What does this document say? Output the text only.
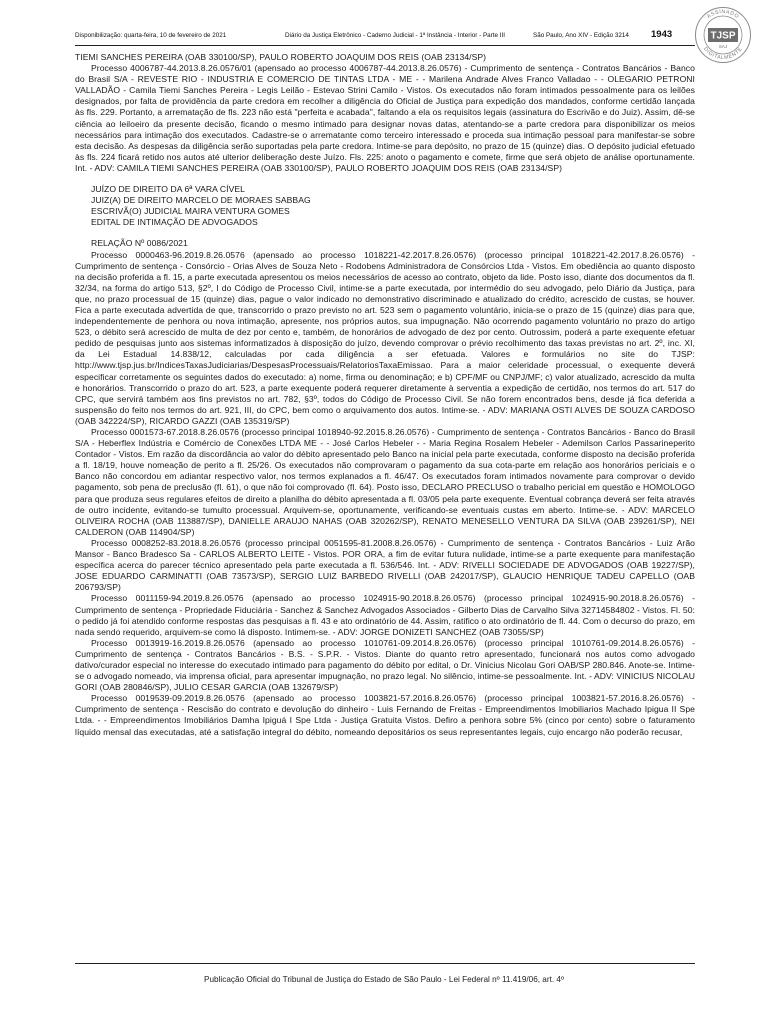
Disponibilização: quarta-feira, 10 de fevereiro de 2021	Diário da Justiça Eletrônico - Caderno Judicial - 1ª Instância - Interior - Parte III	São Paulo, Ano XIV - Edição 3214 1943	TJSP
SAJ
ASSINADO
DIGITALMENTE

TIEMI SANCHES PEREIRA (OAB 330100/SP), PAULO ROBERTO JOAQUIM DOS REIS (OAB 23134/SP)

Processo 4006787-44.2013.8.26.0576/01 (apensado ao processo 4006787-44.2013.8.26.0576) - Cumprimento de sentença - Contratos Bancários - Banco do Brasil S/A - REVESTE RIO - INDUSTRIA E COMERCIO DE TINTAS LTDA - ME - - Marilena Andrade Alves Franco Valladao - - OLEGARIO PETRONI VALLADÃO - Camila Tiemi Sanches Pereira - Legis Leilão - Estevao Strini Camilo - Vistos. Os executados não foram intimados pessoalmente para os leilões designados, por falta de providência da parte credora em recolher a diligência do Oficial de Justiça para expedição dos mandados, conforme certidão lançada às fls. 229. Portanto, a arrematação de fls. 223 não está "perfeita e acabada", faltando a ela os requisitos legais (assinatura do Escrivão e do Juiz). Assim, dê-se ciência ao leiloeiro da presente decisão, ficando o mesmo intimado para designar novas datas, atentando-se a parte credora para disponibilizar os meios necessários para intimação dos executados. Cadastre-se o arrematante como terceiro interessado e proceda sua intimação pessoal para manifestar-se sobre esta decisão. As despesas da diligência serão suportadas pela parte credora. Intime-se para depósito, no prazo de 15 (quinze) dias. O depósito judicial efetuado às fls. 224 ficará retido nos autos até ulterior deliberação deste Juízo. Fls. 225: anoto o pagamento e comete, firme que será objeto de análise oportunamente. Int. - ADV: CAMILA TIEMI SANCHES PEREIRA (OAB 330100/SP), PAULO ROBERTO JOAQUIM DOS REIS (OAB 23134/SP)

JUÍZO DE DIREITO DA 6ª VARA CÍVEL

JUIZ(A) DE DIREITO MARCELO DE MORAES SABBAG

ESCRIVÃ(O) JUDICIAL MAIRA VENTURA GOMES

EDITAL DE INTIMAÇÃO DE ADVOGADOS

RELAÇÃO Nº 0086/2021

Processo 0000463-96.2019.8.26.0576 (apensado ao processo 1018221-42.2017.8.26.0576) (processo principal 1018221-42.2017.8.26.0576) - Cumprimento de sentença - Consórcio - Orias Alves de Souza Neto - Rodobens Administradora de Consórcios Ltda - Vistos. Em obediência ao quanto disposto na decisão proferida a fl. 15, a parte executada apresentou os meios necessários de acesso ao contrato, objeto da lide. Posto isso, diante dos documentos da fl. 32/34, na forma do artigo 513, §2º, I do Código de Processo Civil, intime-se a parte executada, por intermédio do seu advogado, pelo Diário da Justiça, para que, no prazo processual de 15 (quinze) dias, pague o valor indicado no demonstrativo discriminado e atualizado do crédito, acrescido de custas, se houver. Fica a parte executada advertida de que, transcorrido o prazo previsto no art. 523 sem o pagamento voluntário, inicia-se o prazo de 15 (quinze) dias para que, independentemente de penhora ou nova intimação, apresente, nos próprios autos, sua impugnação. Não ocorrendo pagamento voluntário no prazo do artigo 523, o débito será acrescido de multa de dez por cento e, também, de honorários de advogado de dez por cento. Outrossim, poderá a parte exequente efetuar pedido de pesquisas junto aos sistemas informatizados à disposição do juízo, devendo comprovar o prévio recolhimento das taxas previstas no art. 2º, inc. XI, da Lei Estadual 14.838/12, calculadas por cada diligência a ser efetuada. Valores e formulários no site do TJSP: http://www.tjsp.jus.br/IndicesTaxasJudiciarias/DespesasProcessuais/RelatoriosTaxaEmissao. Para a maior celeridade processual, o exequente deverá especificar corretamente os seguintes dados do executado: a) nome, firma ou denominação; e b) CPF/MF ou CNPJ/MF; c) valor atualizado, acrescido da multa e honorários. Transcorrido o prazo do art. 523, a parte exequente poderá requerer diretamente à serventia a expedição de certidão, nos termos do art. 517 do CPC, que servirá também aos fins previstos no art. 782, §3º, todos do Código de Processo Civil. Se não forem encontrados bens, desde já fica deferida a suspensão do feito nos termos do art. 921, III, do CPC, bem como o arquivamento dos autos. Intime-se. - ADV: MARIANA OSTI ALVES DE SOUZA CARDOSO (OAB 342224/SP), RICARDO GAZZI (OAB 135319/SP)

Processo 0001573-67.2018.8.26.0576 (processo principal 1018940-92.2015.8.26.0576) - Cumprimento de sentença - Contratos Bancários - Banco do Brasil S/A - Heberflex Indústria e Comércio de Conexões LTDA ME - - José Carlos Hebeler - - Maria Regina Rosalem Hebeler - Ademilson Carlos Passarineperito Contador - Vistos. Em razão da discordância ao valor do débito apresentado pelo Banco na inicial pela parte executada, conforme disposto na decisão proferida a fl. 18/19, houve nomeação de perito a fl. 25/26. Os executados não comprovaram o pagamento da sua cota-parte em relação aos honorários periciais e o Banco não concordou em adiantar respectivo valor, nos termos explanados a fl. 46/47. Os executados foram intimados novamente para comprovar o devido pagamento, sob pena de preclusão (fl. 61), o que não foi comprovado (fl. 64). Posto isso, DECLARO PRECLUSO o trabalho pericial em questão e HOMOLOGO para que produza seus regulares efeitos de direito a planilha do débito apresentada a fl. 03/05 pela parte exequente. Eventual cobrança deverá ser feita através de outro incidente, evitando-se tumulto processual. Arquivem-se, oportunamente, verificando-se eventuais custas em aberto. Intime-se. - ADV: MARCELO OLIVEIRA ROCHA (OAB 113887/SP), DANIELLE ARAUJO NAHAS (OAB 320262/SP), RENATO MENESELLO VENTURA DA SILVA (OAB 239261/SP), NEI CALDERON (OAB 114904/SP)

Processo 0008252-83.2018.8.26.0576 (processo principal 0051595-81.2008.8.26.0576) - Cumprimento de sentença - Contratos Bancários - Luiz Arão Mansor - Banco Bradesco Sa - CARLOS ALBERTO LEITE - Vistos. POR ORA, a fim de evitar futura nulidade, intime-se a parte exequente para manifestação específica acerca do parecer técnico apresentado pela parte executada a fl. 536/546. Int. - ADV: RIVELLI SOCIEDADE DE ADVOGADOS (OAB 19227/SP), JOSE EDUARDO CARMINATTI (OAB 73573/SP), SERGIO LUIZ BARBEDO RIVELLI (OAB 242017/SP), GLAUCIO HENRIQUE TADEU CAPELLO (OAB 206793/SP)

Processo 0011159-94.2019.8.26.0576 (apensado ao processo 1024915-90.2018.8.26.0576) (processo principal 1024915-90.2018.8.26.0576) - Cumprimento de sentença - Propriedade Fiduciária - Sanchez & Sanchez Advogados Associados - Gilberto Dias de Carvalho Silva 32714584802 - Vistos. Fl. 50: o pedido já foi atendido conforme respostas das pesquisas a fl. 43 e ato ordinatório de 44. Assim, ratifico o ato ordinatório de fl. 44. Com o decurso do prazo, em nada sendo requerido, arquivem-se como lá disposto. Intimem-se. - ADV: JORGE DONIZETI SANCHEZ (OAB 73055/SP)

Processo 0013919-16.2019.8.26.0576 (apensado ao processo 1010761-09.2014.8.26.0576) (processo principal 1010761-09.2014.8.26.0576) - Cumprimento de sentença - Contratos Bancários - B.S. - S.P.R. - Vistos. Diante do quanto retro apresentado, funcionará nos autos como advogado dativo/curador especial no interesse do executado intimado para pagamento do débito por edital, o Dr. Vinicius Nicolau Gori OAB/SP 280.846. Anote-se. Intime-se o advogado nomeado, via imprensa oficial, para apresentar impugnação, no prazo legal. No silêncio, intime-se pessoalmente. Int. - ADV: VINICIUS NICOLAU GORI (OAB 280846/SP), JULIO CESAR GARCIA (OAB 132679/SP)

Processo 0019539-09.2019.8.26.0576 (apensado ao processo 1003821-57.2016.8.26.0576) (processo principal 1003821-57.2016.8.26.0576) - Cumprimento de sentença - Rescisão do contrato e devolução do dinheiro - Luis Fernando de Freitas - Empreendimentos Imobiliarios Machado Ipigua II Spe Ltda. - - Empreendimentos Imobiliários Damha Ipiguá I Spe Ltda - Justiça Gratuita Vistos. Defiro a penhora sobre 5% (cinco por cento) sobre o faturamento líquido mensal das executadas, até a satisfação integral do débito, nomeando depositários os seus representantes legais, cujo encargo não poderão recusar,

Publicação Oficial do Tribunal de Justiça do Estado de São Paulo - Lei Federal nº 11.419/06, art. 4º
